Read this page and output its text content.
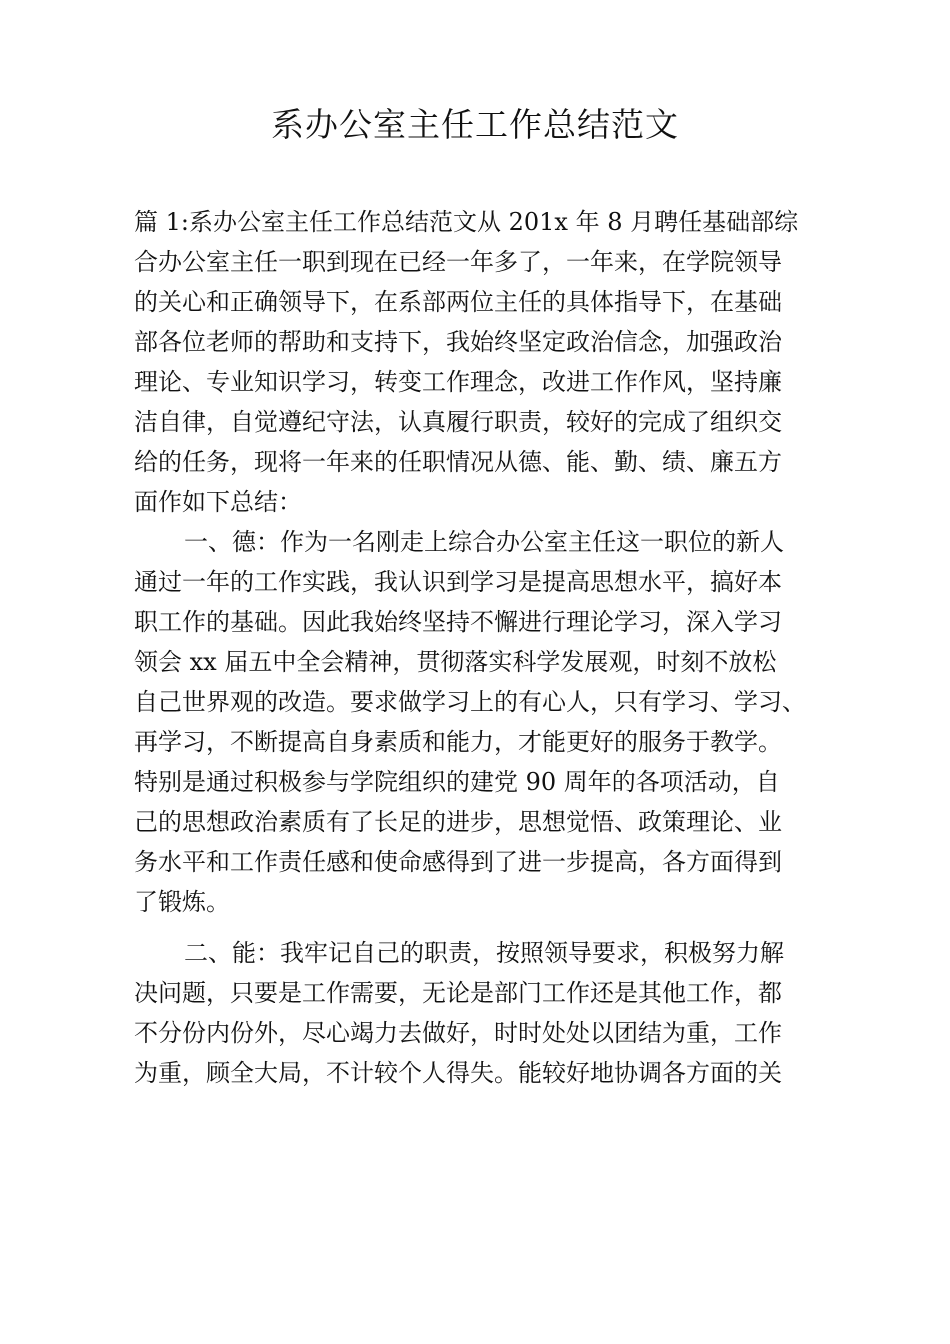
系办公室主任工作总结范文

篇 1:系办公室主任工作总结范文从 201x 年 8 月聘任基础部综

合办公室主任一职到现在已经一年多了，一年来，在学院领导

的关心和正确领导下，在系部两位主任的具体指导下，在基础

部各位老师的帮助和支持下，我始终坚定政治信念，加强政治

理论、专业知识学习，转变工作理念，改进工作作风，坚持廉

洁自律，自觉遵纪守法，认真履行职责，较好的完成了组织交

给的任务，现将一年来的任职情况从德、能、勤、绩、廉五方

面作如下总结：

一、德：作为一名刚走上综合办公室主任这一职位的新人

通过一年的工作实践，我认识到学习是提高思想水平，搞好本

职工作的基础。因此我始终坚持不懈进行理论学习，深入学习

领会 xx 届五中全会精神，贯彻落实科学发展观，时刻不放松

自己世界观的改造。要求做学习上的有心人，只有学习、学习、

再学习，不断提高自身素质和能力，才能更好的服务于教学。

特别是通过积极参与学院组织的建党 90 周年的各项活动，自

己的思想政治素质有了长足的进步，思想觉悟、政策理论、业

务水平和工作责任感和使命感得到了进一步提高，各方面得到

了锻炼。

二、能：我牢记自己的职责，按照领导要求，积极努力解

决问题，只要是工作需要，无论是部门工作还是其他工作，都

不分份内份外，尽心竭力去做好，时时处处以团结为重，工作

为重，顾全大局，不计较个人得失。能较好地协调各方面的关
